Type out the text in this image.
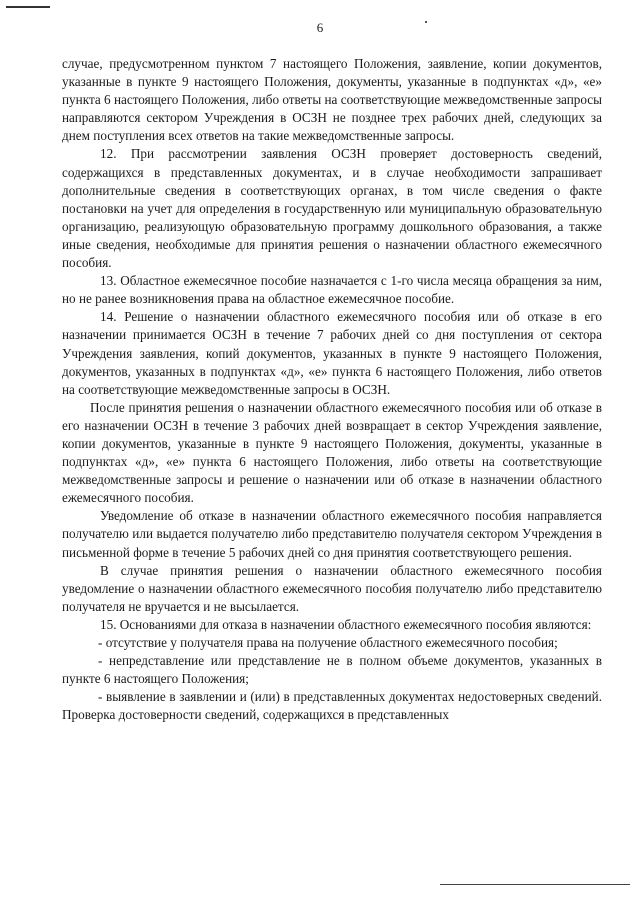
6

случае, предусмотренном пунктом 7 настоящего Положения, заявление, копии документов, указанные в пункте 9 настоящего Положения, документы, указанные в подпунктах «д», «е» пункта 6 настоящего Положения, либо ответы на соответствующие межведомственные запросы направляются сектором Учреждения в ОСЗН не позднее трех рабочих дней, следующих за днем поступления всех ответов на такие межведомственные запросы.

12. При рассмотрении заявления ОСЗН проверяет достоверность сведений, содержащихся в представленных документах, и в случае необходимости запрашивает дополнительные сведения в соответствующих органах, в том числе сведения о факте постановки на учет для определения в государственную или муниципальную образовательную организацию, реализующую образовательную программу дошкольного образования, а также иные сведения, необходимые для принятия решения о назначении областного ежемесячного пособия.

13. Областное ежемесячное пособие назначается с 1-го числа месяца обращения за ним, но не ранее возникновения права на областное ежемесячное пособие.

14. Решение о назначении областного ежемесячного пособия или об отказе в его назначении принимается ОСЗН в течение 7 рабочих дней со дня поступления от сектора Учреждения заявления, копий документов, указанных в пункте 9 настоящего Положения, документов, указанных в подпунктах «д», «е» пункта 6 настоящего Положения, либо ответов на соответствующие межведомственные запросы в ОСЗН.

После принятия решения о назначении областного ежемесячного пособия или об отказе в его назначении ОСЗН в течение 3 рабочих дней возвращает в сектор Учреждения заявление, копии документов, указанные в пункте 9 настоящего Положения, документы, указанные в подпунктах «д», «е» пункта 6 настоящего Положения, либо ответы на соответствующие межведомственные запросы и решение о назначении или об отказе в назначении областного ежемесячного пособия.

Уведомление об отказе в назначении областного ежемесячного пособия направляется получателю или выдается получателю либо представителю получателя сектором Учреждения в письменной форме в течение 5 рабочих дней со дня принятия соответствующего решения.

В случае принятия решения о назначении областного ежемесячного пособия уведомление о назначении областного ежемесячного пособия получателю либо представителю получателя не вручается и не высылается.

15. Основаниями для отказа в назначении областного ежемесячного пособия являются:

- отсутствие у получателя права на получение областного ежемесячного пособия;

- непредставление или представление не в полном объеме документов, указанных в пункте 6 настоящего Положения;

- выявление в заявлении и (или) в представленных документах недостоверных сведений. Проверка достоверности сведений, содержащихся в представленных
